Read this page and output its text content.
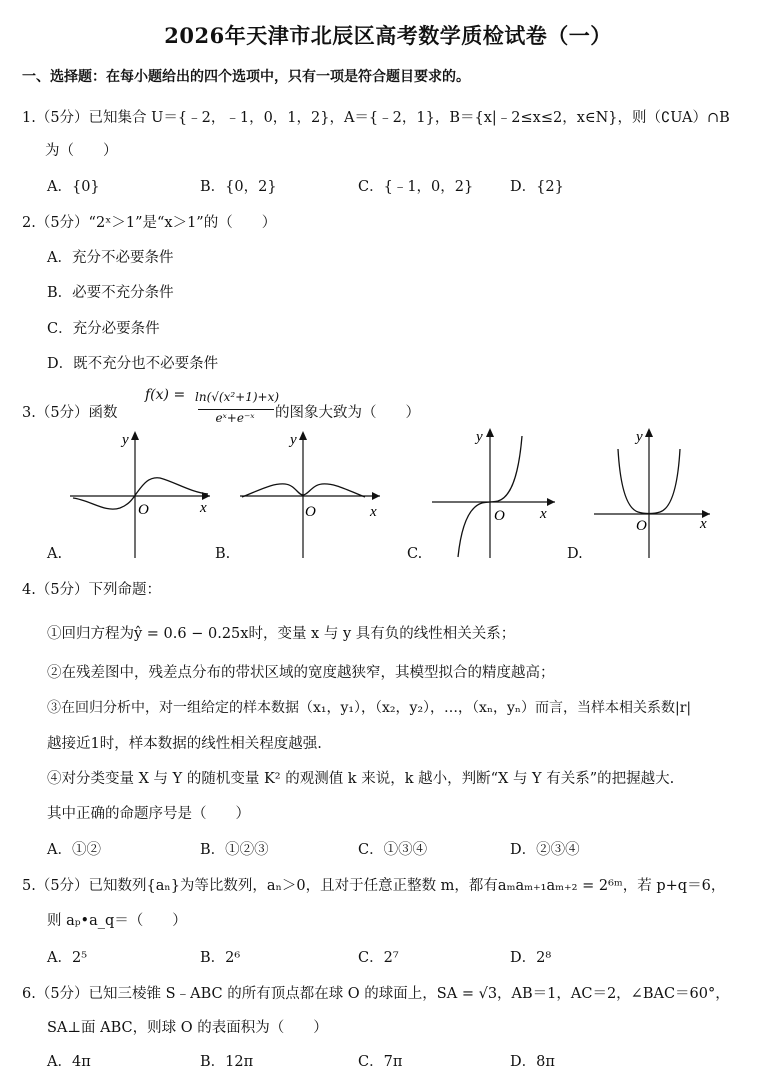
2026年天津市北辰区高考数学质检试卷（一）
一、选择题：在每小题给出的四个选项中，只有一项是符合题目要求的。
1.（5分）已知集合 U＝{﹣2，﹣1，0，1，2}，A＝{﹣2，1}，B＝{x|﹣2≤x≤2，x∈N}，则（∁UA）∩B
为（　　）
A．{0}	B．{0，2}	C．{﹣1，0，2}	D．{2}
2.（5分）“2ˣ＞1”是“x＞1”的（　　）
A．充分不必要条件
B．必要不充分条件
C．充分必要条件
D．既不充分也不必要条件
3.（5分）函数
f(x) = ln(√(x²+1)+x)
eˣ+e⁻ˣ	的图象大致为（　　）
y
O	x
A.
y
O	x
B.
y
O x
C.
y
O	x
D.
4.（5分）下列命题：
①回归方程为ŷ = 0.6 − 0.25x时，变量 x 与 y 具有负的线性相关关系；
②在残差图中，残差点分布的带状区域的宽度越狭窄，其模型拟合的精度越高；
③在回归分析中，对一组给定的样本数据（x₁，y₁），（x₂，y₂），…，（xₙ，yₙ）而言，当样本相关系数|r|
越接近1时，样本数据的线性相关程度越强.
④对分类变量 X 与 Y 的随机变量 K² 的观测值 k 来说，k 越小，判断“X 与 Y 有关系”的把握越大.
其中正确的命题序号是（　　）
A．①②	B．①②③	C．①③④	D．②③④
5.（5分）已知数列{aₙ}为等比数列，aₙ＞0，且对于任意正整数 m，都有aₘaₘ₊₁aₘ₊₂ = 2⁶ᵐ，若 p+q＝6，
则 aₚ•a_q＝（　　）
A．2⁵	B．2⁶	C．2⁷	D．2⁸
6.（5分）已知三棱锥 S﹣ABC 的所有顶点都在球 O 的球面上，SA = √3，AB＝1，AC＝2，∠BAC＝60°，
SA⊥面 ABC，则球 O 的表面积为（　　）
A．4π	B．12π	C．7π	D．8π
